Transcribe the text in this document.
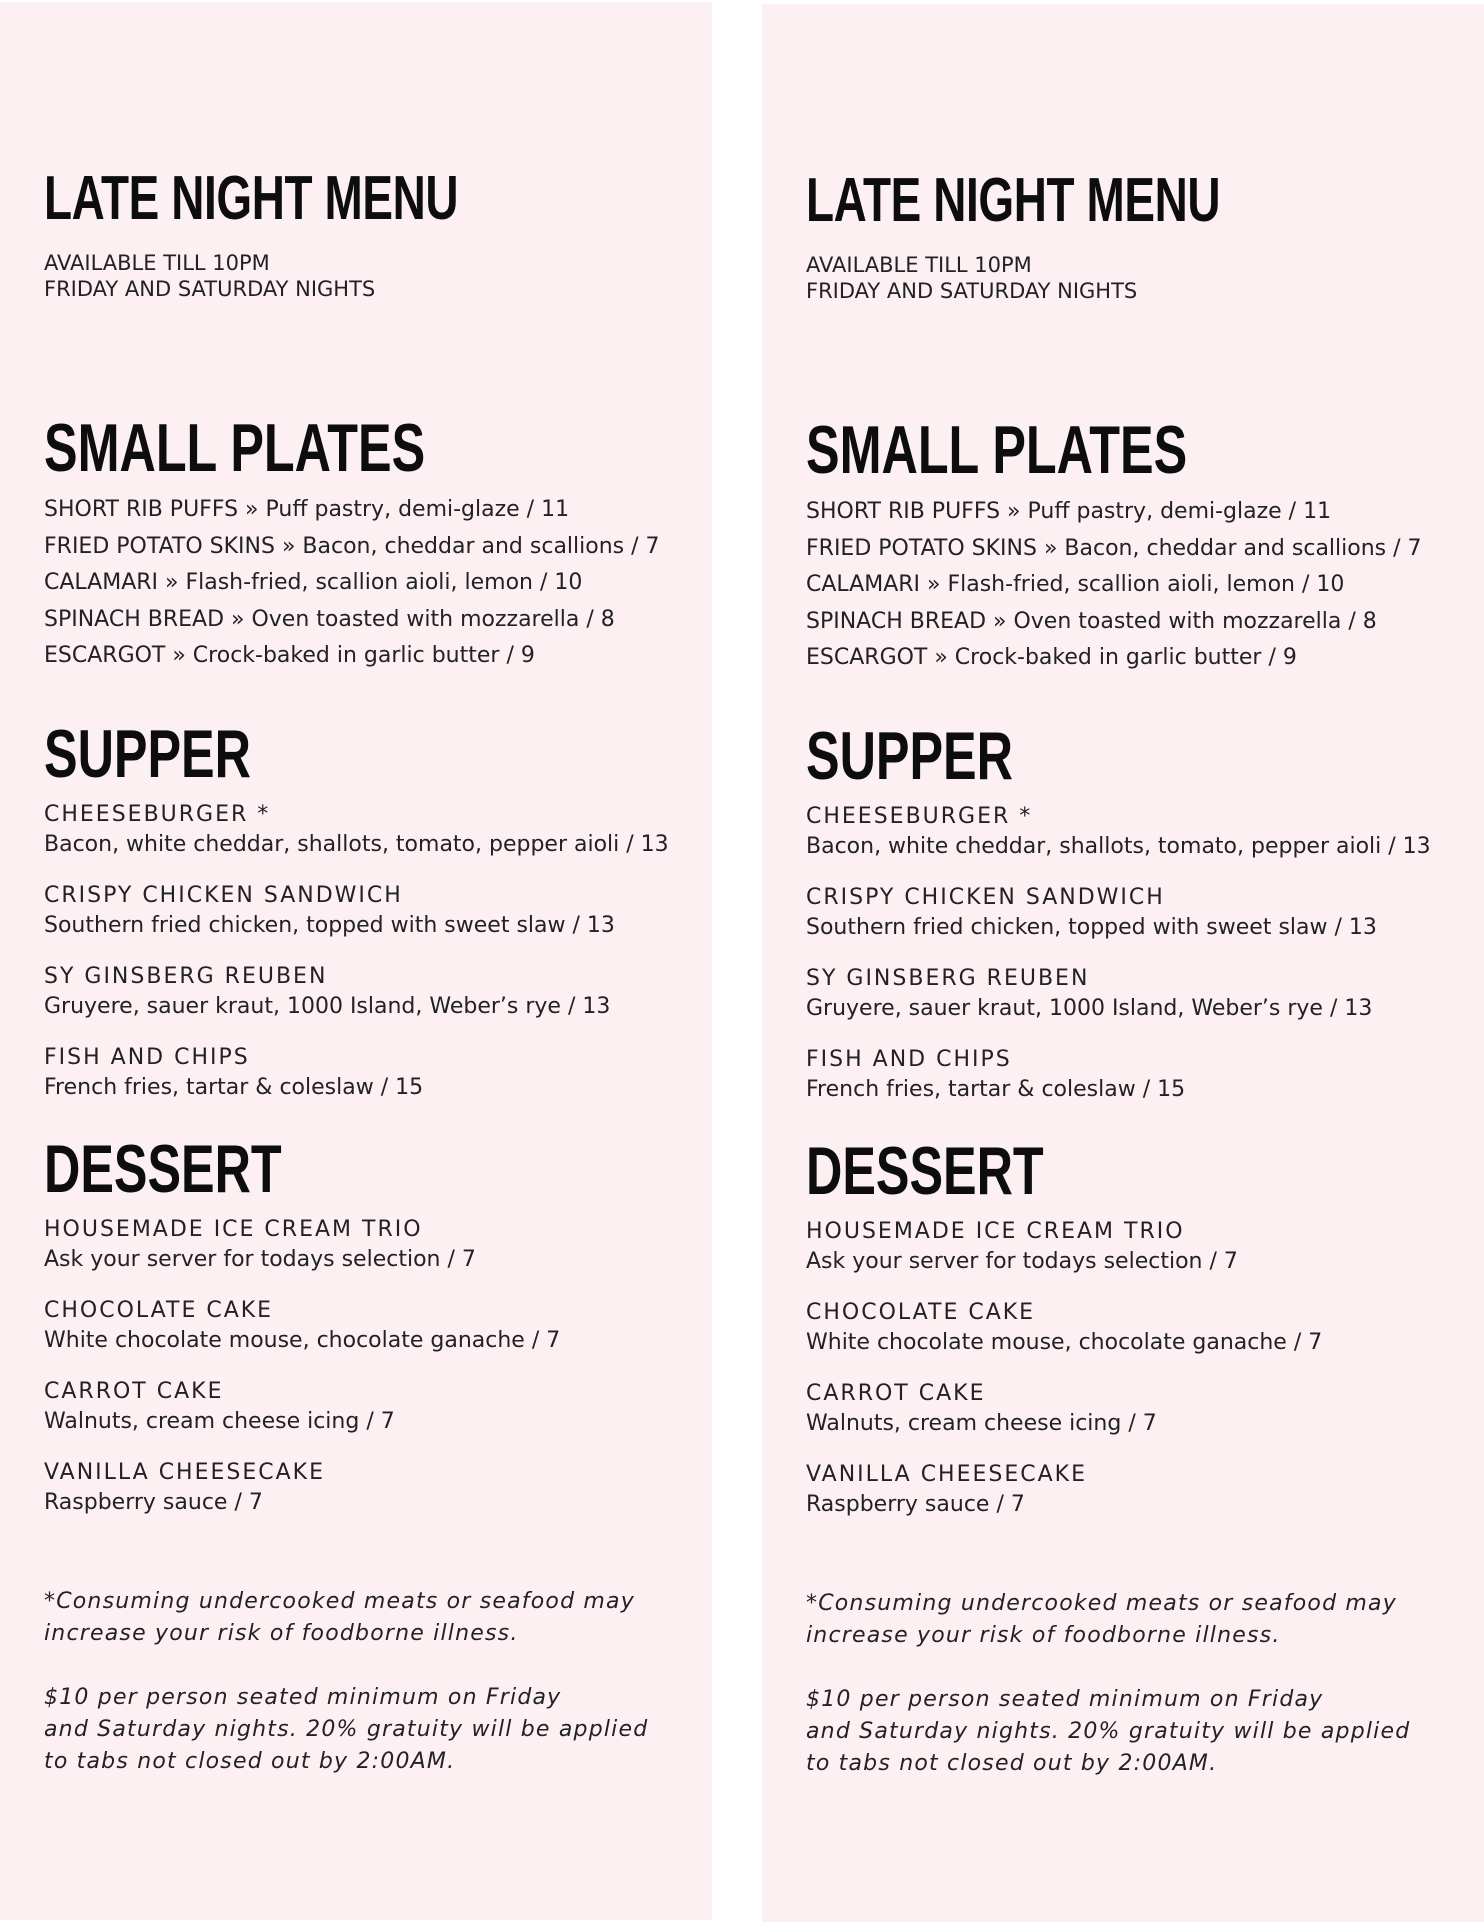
LATE NIGHT MENU
AVAILABLE TILL 10PM
FRIDAY AND SATURDAY NIGHTS
SMALL PLATES
SHORT RIB PUFFS » Puff pastry, demi-glaze / 11
FRIED POTATO SKINS » Bacon, cheddar and scallions / 7
CALAMARI » Flash-fried, scallion aioli, lemon / 10
SPINACH BREAD » Oven toasted with mozzarella / 8
ESCARGOT » Crock-baked in garlic butter / 9
SUPPER
CHEESEBURGER *
Bacon, white cheddar, shallots, tomato, pepper aioli / 13
CRISPY CHICKEN SANDWICH
Southern fried chicken, topped with sweet slaw / 13
SY GINSBERG REUBEN
Gruyere, sauer kraut, 1000 Island, Weber’s rye / 13
FISH AND CHIPS
French fries, tartar & coleslaw / 15
DESSERT
HOUSEMADE ICE CREAM TRIO
Ask your server for todays selection / 7
CHOCOLATE CAKE
White chocolate mouse, chocolate ganache / 7
CARROT CAKE
Walnuts, cream cheese icing / 7
VANILLA CHEESECAKE
Raspberry sauce / 7
*Consuming undercooked meats or seafood may
increase your risk of foodborne illness.
$10 per person seated minimum on Friday
and Saturday nights. 20% gratuity will be applied
to tabs not closed out by 2:00AM.
LATE NIGHT MENU
AVAILABLE TILL 10PM
FRIDAY AND SATURDAY NIGHTS
SMALL PLATES
SHORT RIB PUFFS » Puff pastry, demi-glaze / 11
FRIED POTATO SKINS » Bacon, cheddar and scallions / 7
CALAMARI » Flash-fried, scallion aioli, lemon / 10
SPINACH BREAD » Oven toasted with mozzarella / 8
ESCARGOT » Crock-baked in garlic butter / 9
SUPPER
CHEESEBURGER *
Bacon, white cheddar, shallots, tomato, pepper aioli / 13
CRISPY CHICKEN SANDWICH
Southern fried chicken, topped with sweet slaw / 13
SY GINSBERG REUBEN
Gruyere, sauer kraut, 1000 Island, Weber’s rye / 13
FISH AND CHIPS
French fries, tartar & coleslaw / 15
DESSERT
HOUSEMADE ICE CREAM TRIO
Ask your server for todays selection / 7
CHOCOLATE CAKE
White chocolate mouse, chocolate ganache / 7
CARROT CAKE
Walnuts, cream cheese icing / 7
VANILLA CHEESECAKE
Raspberry sauce / 7
*Consuming undercooked meats or seafood may
increase your risk of foodborne illness.
$10 per person seated minimum on Friday
and Saturday nights. 20% gratuity will be applied
to tabs not closed out by 2:00AM.
